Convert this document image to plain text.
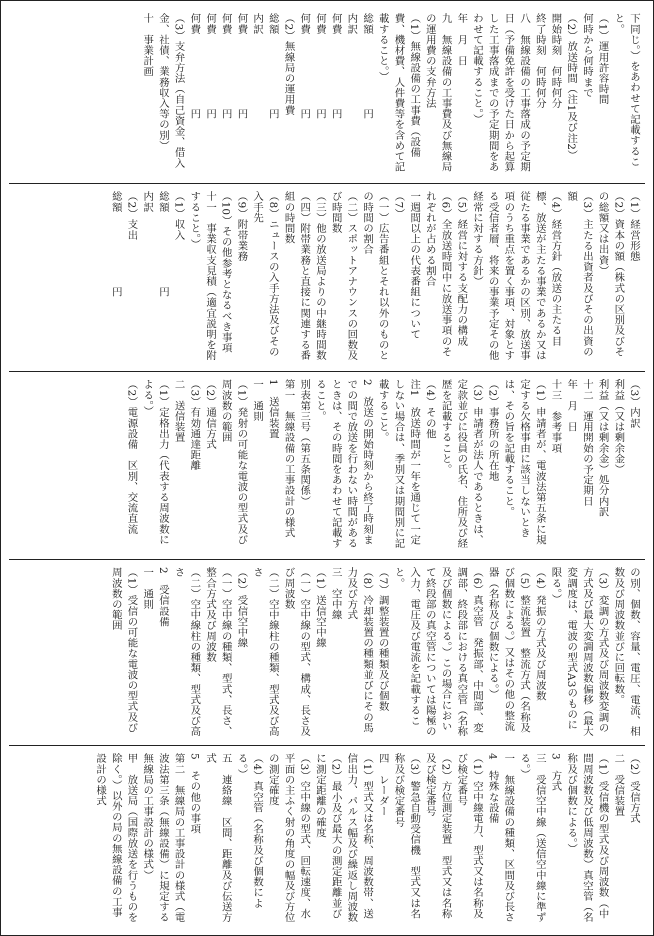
下同じ。）をあわせて記載すること。
（1）運用許容時間
何時から何時まで
（2）放送時間（注1及び注2）
開始時刻　何時何分
終了時刻　何時何分
八　無線設備の工事落成の予定期日（予備免許を受けた日から起算した工事落成までの予定期間をあわせて記載すること。）
年　月　日
九　無線設備の工事費及び無線局の運用費の支弁方法
（1）無線設備の工事費（設備費、機材費、人件費等を含めて記載すること。）
総額　　　　　　　円
内訳
何費　　　　　　　円
何費　　　　　　　円
何費　　　　　　　円
（2）無線局の運用費
総額　　　　　　　円
内訳
何費　　　　　　　円
何費　　　　　　　円
何費　　　　　　　円
何費　　　　　　　円
（3）支弁方法（自己資金、借入金、社債、業務収入等の別）
十　事業計画
（1）経営形態
（2）資本の額（株式の区別及びその総額又は出資）
（3）主たる出資者及びその出資の額
（4）経営方針（放送の主たる目標、放送が主たる事業であるか又は従たる事業であるかの区別、放送事項のうち重点を置く事項、対象とする受信者層、将来の事業予定その他経常に対する方針）
（5）経営に対する支配力の構成
（6）全放送時間中に放送事項のそれぞれが占める割合
一週間以上の代表番組について
（7）
（一）広告番組とそれ以外のものとの時間の割合
（二）スポットアナウンスの回数及び時間数
（三）他の放送局よりの中継時間数
（四）附帯業務と直接に関連する番組の時間数
（8）ニュースの入手方法及びその入手先
（9）附帯業務
（10）その他参考となるべき事項
十一　事業収支見積（適宜説明を附すること。）
（1）収入
総額　　　　　　　円
内訳
（2）支出
総額　　　　　　　円
（3）内訳
利益（又は剰余金）
利益（又は剰余金）処分内訳
十二　運用開始の予定期日
年　月　日
十三　参考事項
（1）申請者が、電波法第五条に規定する欠格事由に該当しないときは、その旨を記載すること。
（2）事務所の所在地
（3）申請者が法人であるときは、定款並びに役員の氏名、住所及び経歴を記載すること。
（4）その他
注1　放送時間が一年を通じて一定しない場合は、季別又は期間別に記載すること。
2　放送の開始時刻から終了時刻までの間で放送を行わない時間があるときは、その時間をあわせて記載すること。
別表第三号（第五条関係）
第一　無線設備の工事設計の様式
1　送信装置
一　通則
（1）発射の可能な電波の型式及び周波数の範囲
（2）通信方式
（3）有効通達距離
二　送信装置
（1）定格出力（代表する周波数による。）
（2）電源設備　区別、交流直流
の別、個数、容量、電圧、電流、相数及び周波数並びに回転数。
（3）変調の方式及び周波数変調の方式及び最大変調周波数偏移（最大変調度は、電波の型式A3のものに限る。）
（4）発振の方式及び周波数
（5）整流装置　整流方式（名称及び個数による。）又はその他の整流器（名称及び個数による。）
（6）真空管　発振部、中間部、変調部、終段部における真空管（名称及び個数による。）この場合において終段部の真空管については陽極の入力、電圧及び電流を記載すること。
（7）調整装置の種類及び個数
（8）冷却装置の種類並びにその馬力及び方式
三　空中線
（1）送信空中線
（一）空中線の型式、構成、長さ及び周波数
（二）空中線柱の種類、型式及び高さ
（2）受信空中線
（一）空中線の種類、型式、長さ、整合方式及び周波数
（二）空中線柱の種類、型式及び高さ
2　受信設備
一　通則
（1）受信の可能な電波の型式及び周波数の範囲
（2）受信方式
二　受信装置
（1）受信機の型式及び周波数（中間周波数及び低周波数）真空管（名称及び個数による。）
3　方式
三　受信空中線（送信空中線に準ずる。）
一　無線設備の種類、区間及び長さ
4　特殊な設備
（1）空中線電力、型式又は名称及び検定番号
（2）方位測定装置　型式又は名称及び検定番号
（3）警急自動受信機　型式又は名称及び検定番号
四　レーダー
（1）型式又は名称、周波数帯、送信出力、パルス幅及び繰返し周波数
（2）最小及び最大の測定距離並びに測定距離の確度
（3）空中線の型式、回転速度、水平面の主ふく射の角度の幅及び方位の測定確度
（4）真空管（名称及び個数による。）
五　連絡線　区間、距離及び伝送方式
5　その他の事項
第二　無線局の工事設計の様式（電波法第三条（無線設備）に規定する無線局の工事設計の様式）
甲　放送局（国際放送を行うものを除く。）以外の局の無線設備の工事設計の様式
